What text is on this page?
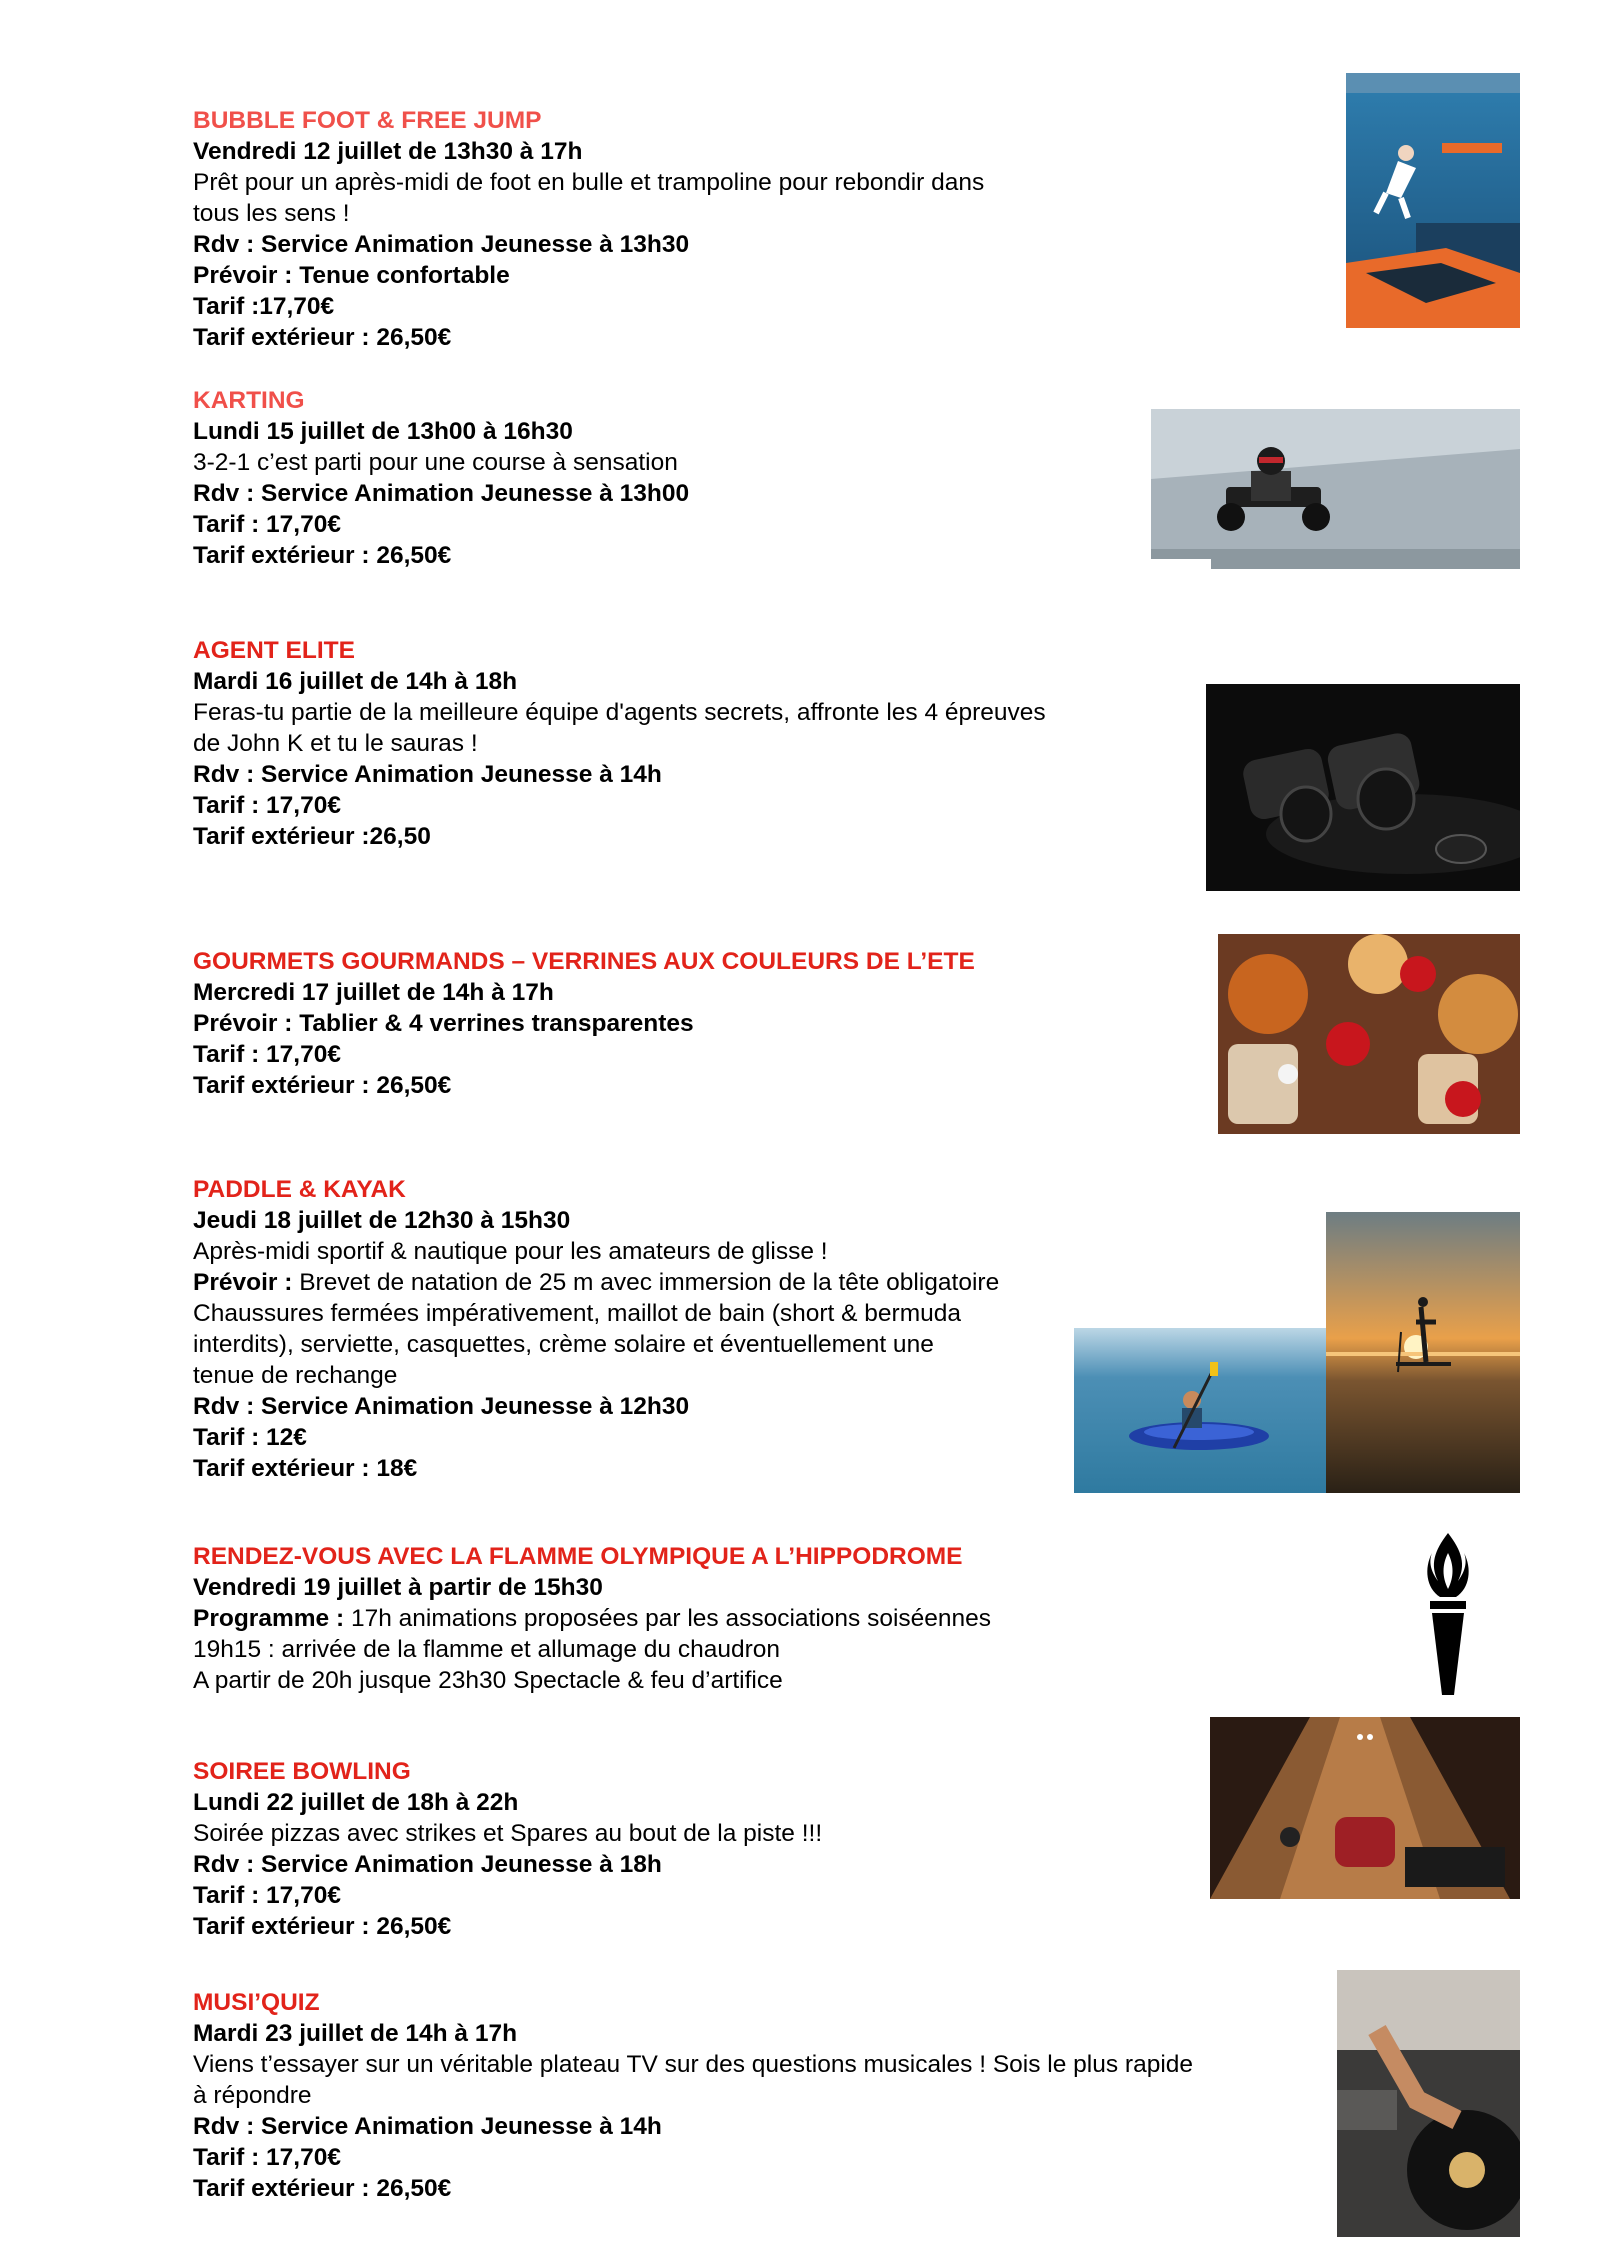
BUBBLE FOOT & FREE JUMP
Vendredi 12 juillet de 13h30 à 17h
Prêt pour un après-midi de foot en bulle et trampoline pour rebondir dans
tous les sens !
Rdv : Service Animation Jeunesse à 13h30
Prévoir : Tenue confortable
Tarif :17,70€
Tarif extérieur : 26,50€
KARTING
Lundi 15 juillet de 13h00 à 16h30
3-2-1 c’est parti pour une course à sensation
Rdv : Service Animation Jeunesse à 13h00
Tarif : 17,70€
Tarif extérieur : 26,50€
AGENT ELITE
Mardi 16 juillet de 14h à 18h
Feras-tu partie de la meilleure équipe d'agents secrets, affronte les 4 épreuves
de John K et tu le sauras !
Rdv : Service Animation Jeunesse à 14h
Tarif : 17,70€
Tarif extérieur :26,50
GOURMETS GOURMANDS – VERRINES AUX COULEURS DE L’ETE
Mercredi 17 juillet de 14h à 17h
Prévoir : Tablier & 4 verrines transparentes
Tarif : 17,70€
Tarif extérieur : 26,50€
PADDLE & KAYAK
Jeudi 18 juillet de 12h30 à 15h30
Après-midi sportif & nautique pour les amateurs de glisse !
Prévoir : Brevet de natation de 25 m avec immersion de la tête obligatoire
Chaussures fermées impérativement, maillot de bain (short & bermuda
interdits), serviette, casquettes, crème solaire et éventuellement une
tenue de rechange
Rdv : Service Animation Jeunesse à 12h30
Tarif : 12€
Tarif extérieur : 18€
RENDEZ-VOUS AVEC LA FLAMME OLYMPIQUE A L’HIPPODROME
Vendredi 19 juillet à partir de 15h30
Programme : 17h animations proposées par les associations soiséennes
19h15 : arrivée de la flamme et allumage du chaudron
A partir de 20h jusque 23h30 Spectacle & feu d’artifice
SOIREE BOWLING
Lundi 22 juillet de 18h à 22h
Soirée pizzas avec strikes et Spares au bout de la piste !!!
Rdv : Service Animation Jeunesse à 18h
Tarif : 17,70€
Tarif extérieur : 26,50€
MUSI’QUIZ
Mardi 23 juillet de 14h à 17h
Viens t’essayer sur un véritable plateau TV sur des questions musicales ! Sois le plus rapide
à répondre
Rdv : Service Animation Jeunesse à 14h
Tarif : 17,70€
Tarif extérieur : 26,50€
